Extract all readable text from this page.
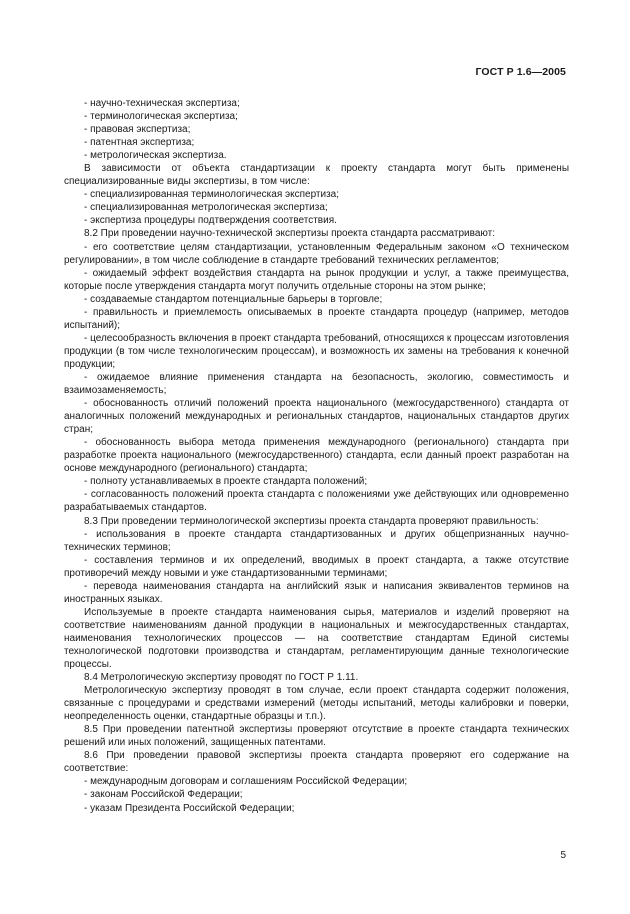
ГОСТ Р 1.6—2005

- научно-техническая экспертиза;

- терминологическая экспертиза;

- правовая экспертиза;

- патентная экспертиза;

- метрологическая экспертиза.

В зависимости от объекта стандартизации к проекту стандарта могут быть применены специализированные виды экспертизы, в том числе:

- специализированная терминологическая экспертиза;

- специализированная метрологическая экспертиза;

- экспертиза процедуры подтверждения соответствия.

8.2 При проведении научно-технической экспертизы проекта стандарта рассматривают:

- его соответствие целям стандартизации, установленным Федеральным законом «О техническом регулировании», в том числе соблюдение в стандарте требований технических регламентов;

- ожидаемый эффект воздействия стандарта на рынок продукции и услуг, а также преимущества, которые после утверждения стандарта могут получить отдельные стороны на этом рынке;

- создаваемые стандартом потенциальные барьеры в торговле;

- правильность и приемлемость описываемых в проекте стандарта процедур (например, методов испытаний);

- целесообразность включения в проект стандарта требований, относящихся к процессам изготовления продукции (в том числе технологическим процессам), и возможность их замены на требования к конечной продукции;

- ожидаемое влияние применения стандарта на безопасность, экологию, совместимость и взаимозаменяемость;

- обоснованность отличий положений проекта национального (межгосударственного) стандарта от аналогичных положений международных и региональных стандартов, национальных стандартов других стран;

- обоснованность выбора метода применения международного (регионального) стандарта при разработке проекта национального (межгосударственного) стандарта, если данный проект разработан на основе международного (регионального) стандарта;

- полноту устанавливаемых в проекте стандарта положений;

- согласованность положений проекта стандарта с положениями уже действующих или одновременно разрабатываемых стандартов.

8.3 При проведении терминологической экспертизы проекта стандарта проверяют правильность:

- использования в проекте стандарта стандартизованных и других общепризнанных научно-технических терминов;

- составления терминов и их определений, вводимых в проект стандарта, а также отсутствие противоречий между новыми и уже стандартизованными терминами;

- перевода наименования стандарта на английский язык и написания эквивалентов терминов на иностранных языках.

Используемые в проекте стандарта наименования сырья, материалов и изделий проверяют на соответствие наименованиям данной продукции в национальных и межгосударственных стандартах, наименования технологических процессов — на соответствие стандартам Единой системы технологической подготовки производства и стандартам, регламентирующим данные технологические процессы.

8.4 Метрологическую экспертизу проводят по ГОСТ Р 1.11.

Метрологическую экспертизу проводят в том случае, если проект стандарта содержит положения, связанные с процедурами и средствами измерений (методы испытаний, методы калибровки и поверки, неопределенность оценки, стандартные образцы и т.п.).

8.5 При проведении патентной экспертизы проверяют отсутствие в проекте стандарта технических решений или иных положений, защищенных патентами.

8.6 При проведении правовой экспертизы проекта стандарта проверяют его содержание на соответствие:

- международным договорам и соглашениям Российской Федерации;

- законам Российской Федерации;

- указам Президента Российской Федерации;

5
